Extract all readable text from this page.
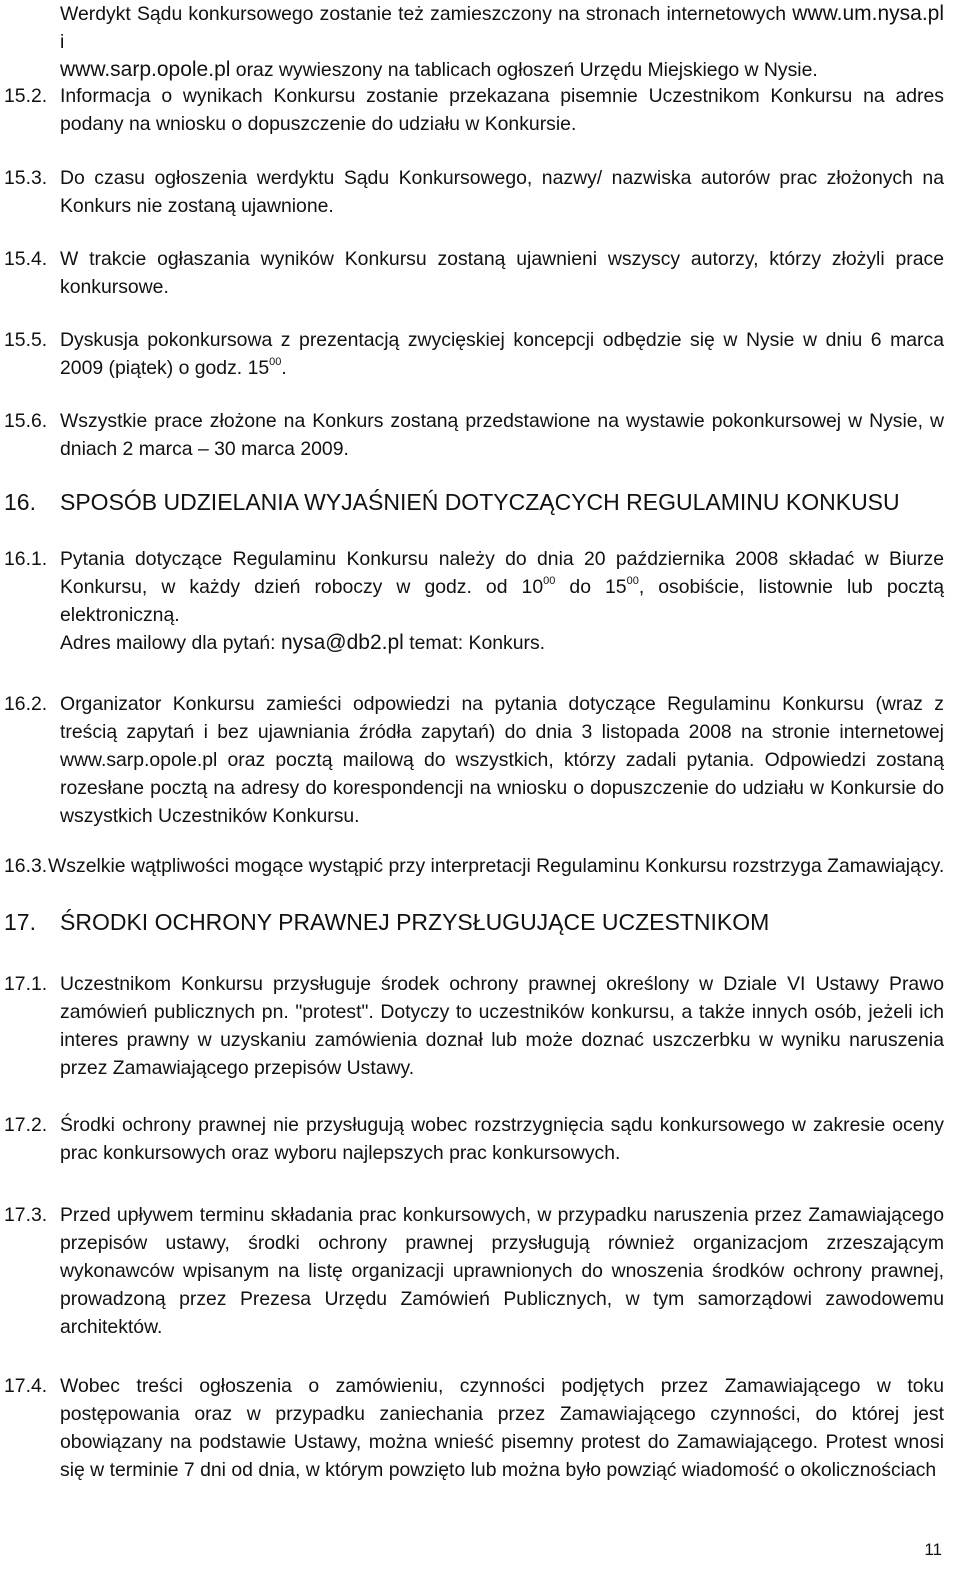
Werdykt Sądu konkursowego zostanie też zamieszczony na stronach internetowych www.um.nysa.pl i
www.sarp.opole.pl oraz wywieszony na tablicach ogłoszeń Urzędu Miejskiego w Nysie.

15.2. Informacja o wynikach Konkursu zostanie przekazana pisemnie Uczestnikom Konkursu na adres podany na wniosku o dopuszczenie do udziału w Konkursie.

15.3. Do czasu ogłoszenia werdyktu Sądu Konkursowego, nazwy/ nazwiska autorów prac złożonych na Konkurs nie zostaną ujawnione.

15.4. W trakcie ogłaszania wyników Konkursu zostaną ujawnieni wszyscy autorzy, którzy złożyli prace konkursowe.

15.5. Dyskusja pokonkursowa z prezentacją zwycięskiej koncepcji odbędzie się w Nysie w dniu 6 marca 2009 (piątek) o godz. $15^{00}$.

15.6. Wszystkie prace złożone na Konkurs zostaną przedstawione na wystawie pokonkursowej w Nysie, w dniach 2 marca – 30 marca 2009.

16. SPOSÓB UDZIELANIA WYJAŚNIEŃ DOTYCZĄCYCH REGULAMINU KONKUSU

16.1. Pytania dotyczące Regulaminu Konkursu należy do dnia 20 października 2008 składać w Biurze Konkursu, w każdy dzień roboczy w godz. od $10^{00}$ do $15^{00}$, osobiście, listownie lub pocztą elektroniczną.

Adres mailowy dla pytań: nysa@db2.pl temat: Konkurs.

16.2. Organizator Konkursu zamieści odpowiedzi na pytania dotyczące Regulaminu Konkursu (wraz z treścią zapytań i bez ujawniania źródła zapytań) do dnia 3 listopada 2008 na stronie internetowej www.sarp.opole.pl oraz pocztą mailową do wszystkich, którzy zadali pytania. Odpowiedzi zostaną rozesłane pocztą na adresy do korespondencji na wniosku o dopuszczenie do udziału w Konkursie do wszystkich Uczestników Konkursu.

16.3. Wszelkie wątpliwości mogące wystąpić przy interpretacji Regulaminu Konkursu rozstrzyga Zamawiający.

17. ŚRODKI OCHRONY PRAWNEJ PRZYSŁUGUJĄCE UCZESTNIKOM

17.1. Uczestnikom Konkursu przysługuje środek ochrony prawnej określony w Dziale VI Ustawy Prawo zamówień publicznych pn. "protest". Dotyczy to uczestników konkursu, a także innych osób, jeżeli ich interes prawny w uzyskaniu zamówienia doznał lub może doznać uszczerbku w wyniku naruszenia przez Zamawiającego przepisów Ustawy.

17.2. Środki ochrony prawnej nie przysługują wobec rozstrzygnięcia sądu konkursowego w zakresie oceny prac konkursowych oraz wyboru najlepszych prac konkursowych.

17.3. Przed upływem terminu składania prac konkursowych, w przypadku naruszenia przez Zamawiającego przepisów ustawy, środki ochrony prawnej przysługują również organizacjom zrzeszającym wykonawców wpisanym na listę organizacji uprawnionych do wnoszenia środków ochrony prawnej, prowadzoną przez Prezesa Urzędu Zamówień Publicznych, w tym samorządowi zawodowemu architektów.

17.4. Wobec treści ogłoszenia o zamówieniu, czynności podjętych przez Zamawiającego w toku postępowania oraz w przypadku zaniechania przez Zamawiającego czynności, do której jest obowiązany na podstawie Ustawy, można wnieść pisemny protest do Zamawiającego. Protest wnosi się w terminie 7 dni od dnia, w którym powzięto lub można było powziąć wiadomość o okolicznościach

11
